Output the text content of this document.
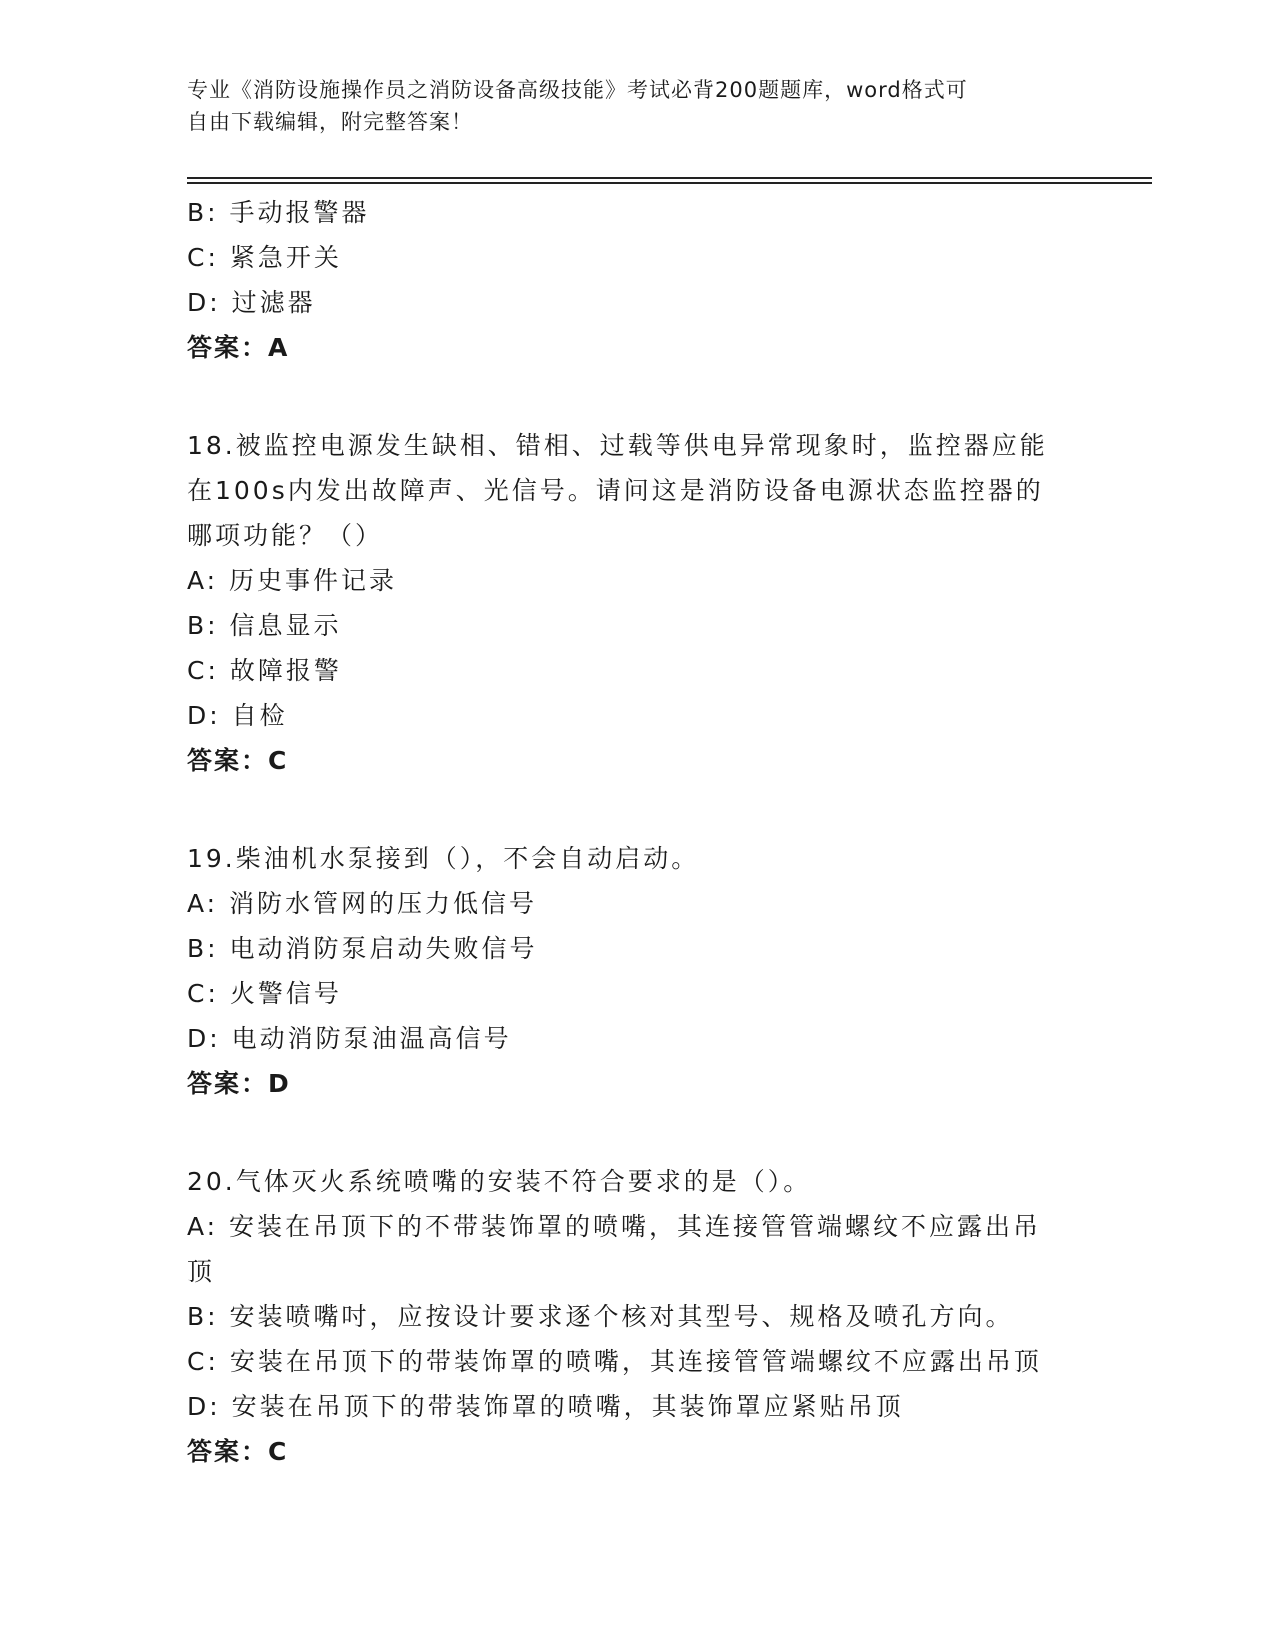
专业《消防设施操作员之消防设备高级技能》考试必背200题题库，word格式可
自由下载编辑，附完整答案！
B: 手动报警器
C: 紧急开关
D: 过滤器
答案：A
18.被监控电源发生缺相、错相、过载等供电异常现象时，监控器应能
在100s内发出故障声、光信号。请问这是消防设备电源状态监控器的
哪项功能？（）
A: 历史事件记录
B: 信息显示
C: 故障报警
D: 自检
答案：C
19.柴油机水泵接到（），不会自动启动。
A: 消防水管网的压力低信号
B: 电动消防泵启动失败信号
C: 火警信号
D: 电动消防泵油温高信号
答案：D
20.气体灭火系统喷嘴的安装不符合要求的是（）。
A: 安装在吊顶下的不带装饰罩的喷嘴，其连接管管端螺纹不应露出吊
顶
B: 安装喷嘴吋，应按设计要求逐个核对其型号、规格及喷孔方向。
C: 安装在吊顶下的带装饰罩的喷嘴，其连接管管端螺纹不应露出吊顶
D: 安装在吊顶下的带装饰罩的喷嘴，其装饰罩应紧贴吊顶
答案：C
